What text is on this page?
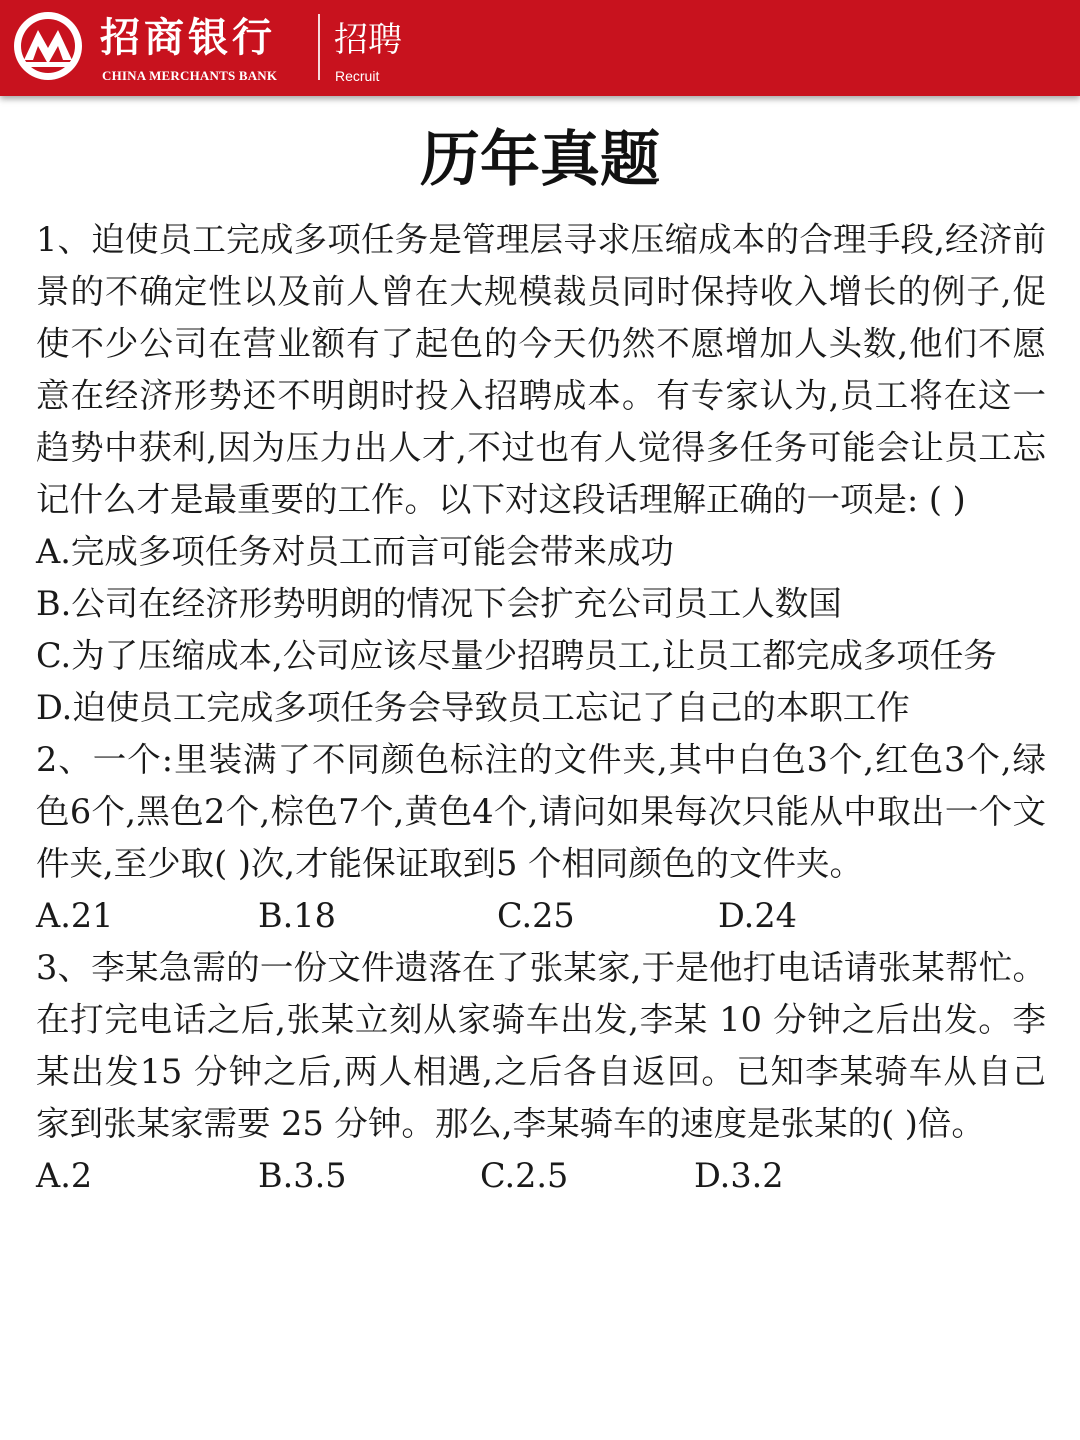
招商银行
CHINA MERCHANTS BANK
招聘
Recruit
历年真题
1、迫使员工完成多项任务是管理层寻求压缩成本的合理手段,经济前景的不确定性以及前人曾在大规模裁员同时保持收入增长的例子,促使不少公司在营业额有了起色的今天仍然不愿增加人头数,他们不愿意在经济形势还不明朗时投入招聘成本。有专家认为,员工将在这一趋势中获利,因为压力出人才,不过也有人觉得多任务可能会让员工忘记什么才是最重要的工作。以下对这段话理解正确的一项是: ( )
A.完成多项任务对员工而言可能会带来成功
B.公司在经济形势明朗的情况下会扩充公司员工人数国
C.为了压缩成本,公司应该尽量少招聘员工,让员工都完成多项任务
D.迫使员工完成多项任务会导致员工忘记了自己的本职工作
2、一个:里装满了不同颜色标注的文件夹,其中白色3个,红色3个,绿色6个,黑色2个,棕色7个,黄色4个,请问如果每次只能从中取出一个文件夹,至少取( )次,才能保证取到5 个相同颜色的文件夹。
A.21	B.18	C.25	D.24
3、李某急需的一份文件遗落在了张某家,于是他打电话请张某帮忙。在打完电话之后,张某立刻从家骑车出发,李某 10 分钟之后出发。李某出发15 分钟之后,两人相遇,之后各自返回。已知李某骑车从自己家到张某家需要 25 分钟。那么,李某骑车的速度是张某的( )倍。
A.2	B.3.5	C.2.5	D.3.2
